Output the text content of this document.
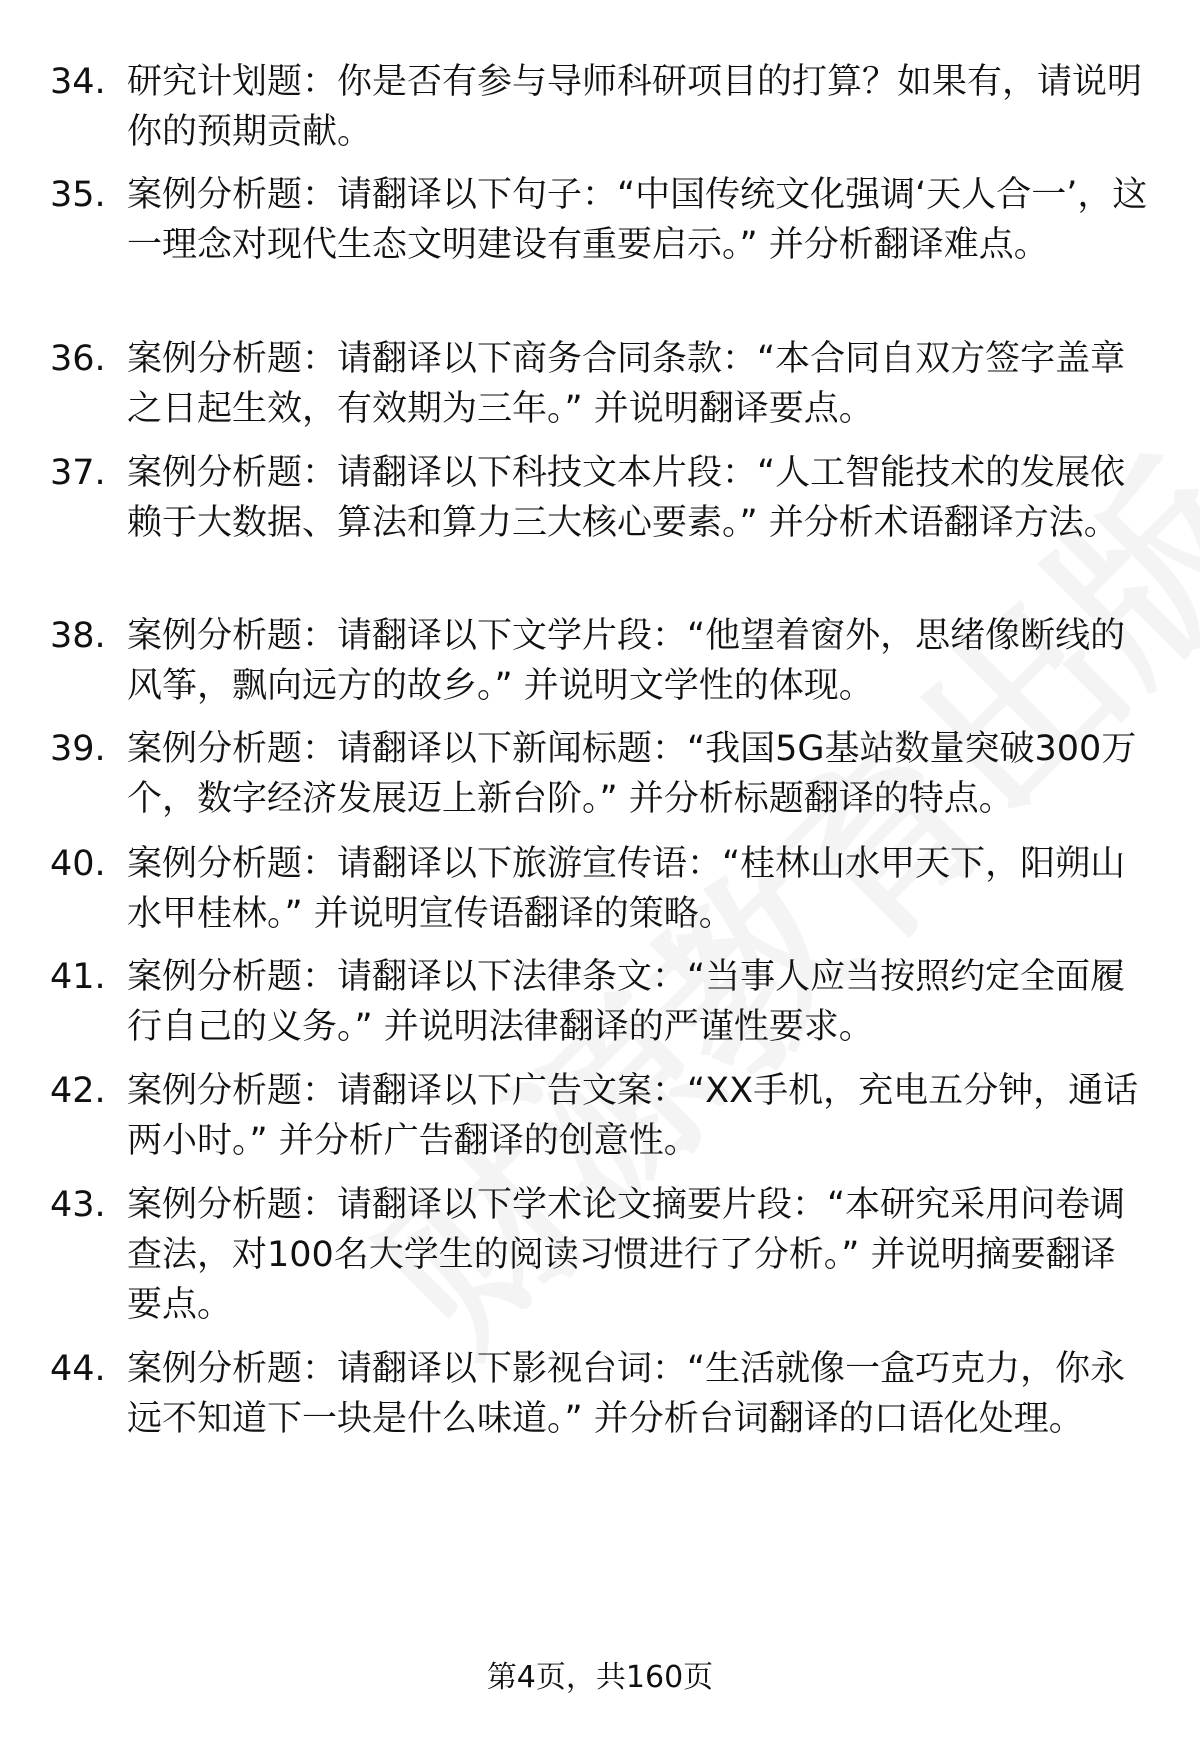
34. 研究计划题：你是否有参与导师科研项目的打算？如果有，请说明你的预期贡献。
35. 案例分析题：请翻译以下句子：“中国传统文化强调‘天人合一’，这一理念对现代生态文明建设有重要启示。” 并分析翻译难点。
36. 案例分析题：请翻译以下商务合同条款：“本合同自双方签字盖章之日起生效，有效期为三年。” 并说明翻译要点。
37. 案例分析题：请翻译以下科技文本片段：“人工智能技术的发展依赖于大数据、算法和算力三大核心要素。” 并分析术语翻译方法。
38. 案例分析题：请翻译以下文学片段：“他望着窗外，思绪像断线的风筝，飘向远方的故乡。” 并说明文学性的体现。
39. 案例分析题：请翻译以下新闻标题：“我国5G基站数量突破300万个，数字经济发展迈上新台阶。” 并分析标题翻译的特点。
40. 案例分析题：请翻译以下旅游宣传语：“桂林山水甲天下，阳朔山水甲桂林。” 并说明宣传语翻译的策略。
41. 案例分析题：请翻译以下法律条文：“当事人应当按照约定全面履行自己的义务。” 并说明法律翻译的严谨性要求。
42. 案例分析题：请翻译以下广告文案：“XX手机，充电五分钟，通话两小时。” 并分析广告翻译的创意性。
43. 案例分析题：请翻译以下学术论文摘要片段：“本研究采用问卷调查法，对100名大学生的阅读习惯进行了分析。” 并说明摘要翻译要点。
44. 案例分析题：请翻译以下影视台词：“生活就像一盒巧克力，你永远不知道下一块是什么味道。” 并分析台词翻译的口语化处理。
第4页，共160页
